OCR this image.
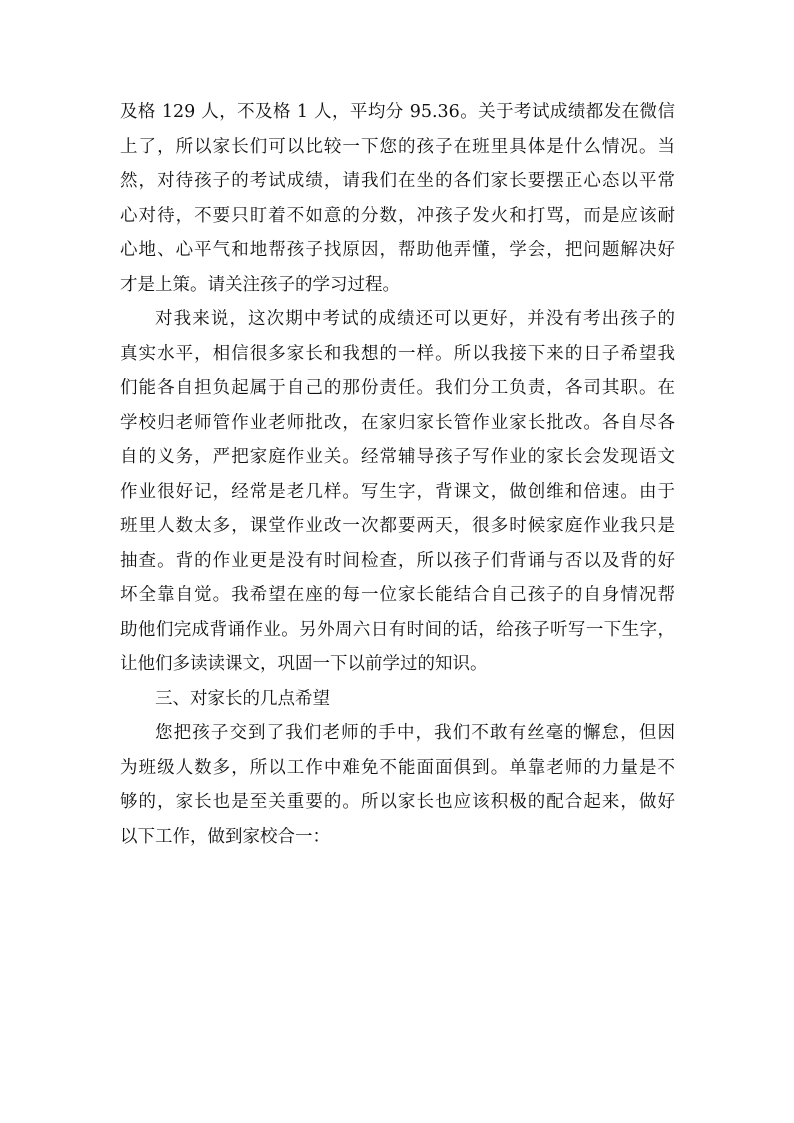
及格 129 人，不及格 1 人，平均分 95.36。关于考试成绩都发在微信
上了，所以家长们可以比较一下您的孩子在班里具体是什么情况。当
然，对待孩子的考试成绩，请我们在坐的各们家长要摆正心态以平常
心对待，不要只盯着不如意的分数，冲孩子发火和打骂，而是应该耐
心地、心平气和地帮孩子找原因，帮助他弄懂，学会，把问题解决好
才是上策。请关注孩子的学习过程。
对我来说，这次期中考试的成绩还可以更好，并没有考出孩子的
真实水平，相信很多家长和我想的一样。所以我接下来的日子希望我
们能各自担负起属于自己的那份责任。我们分工负责，各司其职。在
学校归老师管作业老师批改，在家归家长管作业家长批改。各自尽各
自的义务，严把家庭作业关。经常辅导孩子写作业的家长会发现语文
作业很好记，经常是老几样。写生字，背课文，做创维和倍速。由于
班里人数太多，课堂作业改一次都要两天，很多时候家庭作业我只是
抽查。背的作业更是没有时间检查，所以孩子们背诵与否以及背的好
坏全靠自觉。我希望在座的每一位家长能结合自己孩子的自身情况帮
助他们完成背诵作业。另外周六日有时间的话，给孩子听写一下生字，
让他们多读读课文，巩固一下以前学过的知识。
三、对家长的几点希望
您把孩子交到了我们老师的手中，我们不敢有丝毫的懈怠，但因
为班级人数多，所以工作中难免不能面面俱到。单靠老师的力量是不
够的，家长也是至关重要的。所以家长也应该积极的配合起来，做好
以下工作，做到家校合一：
